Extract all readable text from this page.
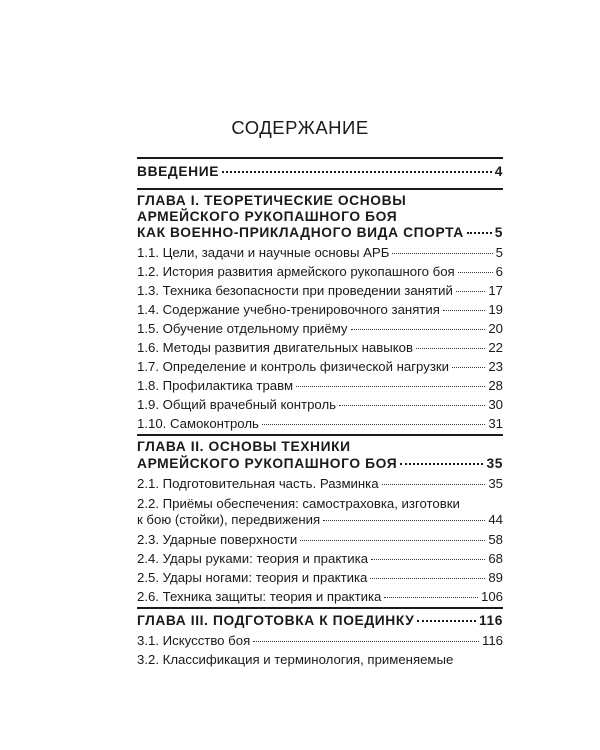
СОДЕРЖАНИЕ
ВВЕДЕНИЕ	4
ГЛАВА I. ТЕОРЕТИЧЕСКИЕ ОСНОВЫ
АРМЕЙСКОГО РУКОПАШНОГО БОЯ
КАК ВОЕННО-ПРИКЛАДНОГО ВИДА СПОРТА 5
1.1. Цели, задачи и научные основы АРБ	5
1.2. История развития армейского рукопашного боя	6
1.3. Техника безопасности при проведении занятий	17
1.4. Содержание учебно-тренировочного занятия	19
1.5. Обучение отдельному приёму	20
1.6. Методы развития двигательных навыков	22
1.7. Определение и контроль физической нагрузки	23
1.8. Профилактика травм	28
1.9. Общий врачебный контроль	30
1.10. Самоконтроль	31
ГЛАВА II. ОСНОВЫ ТЕХНИКИ
АРМЕЙСКОГО РУКОПАШНОГО БОЯ	35
2.1. Подготовительная часть. Разминка	35
2.2. Приёмы обеспечения: самостраховка, изготовки
к бою (стойки), передвижения	44
2.3. Ударные поверхности	58
2.4. Удары руками: теория и практика	68
2.5. Удары ногами: теория и практика	89
2.6. Техника защиты: теория и практика	106
ГЛАВА III. ПОДГОТОВКА К ПОЕДИНКУ	116
3.1. Искусство боя	116
3.2. Классификация и терминология, применяемые
